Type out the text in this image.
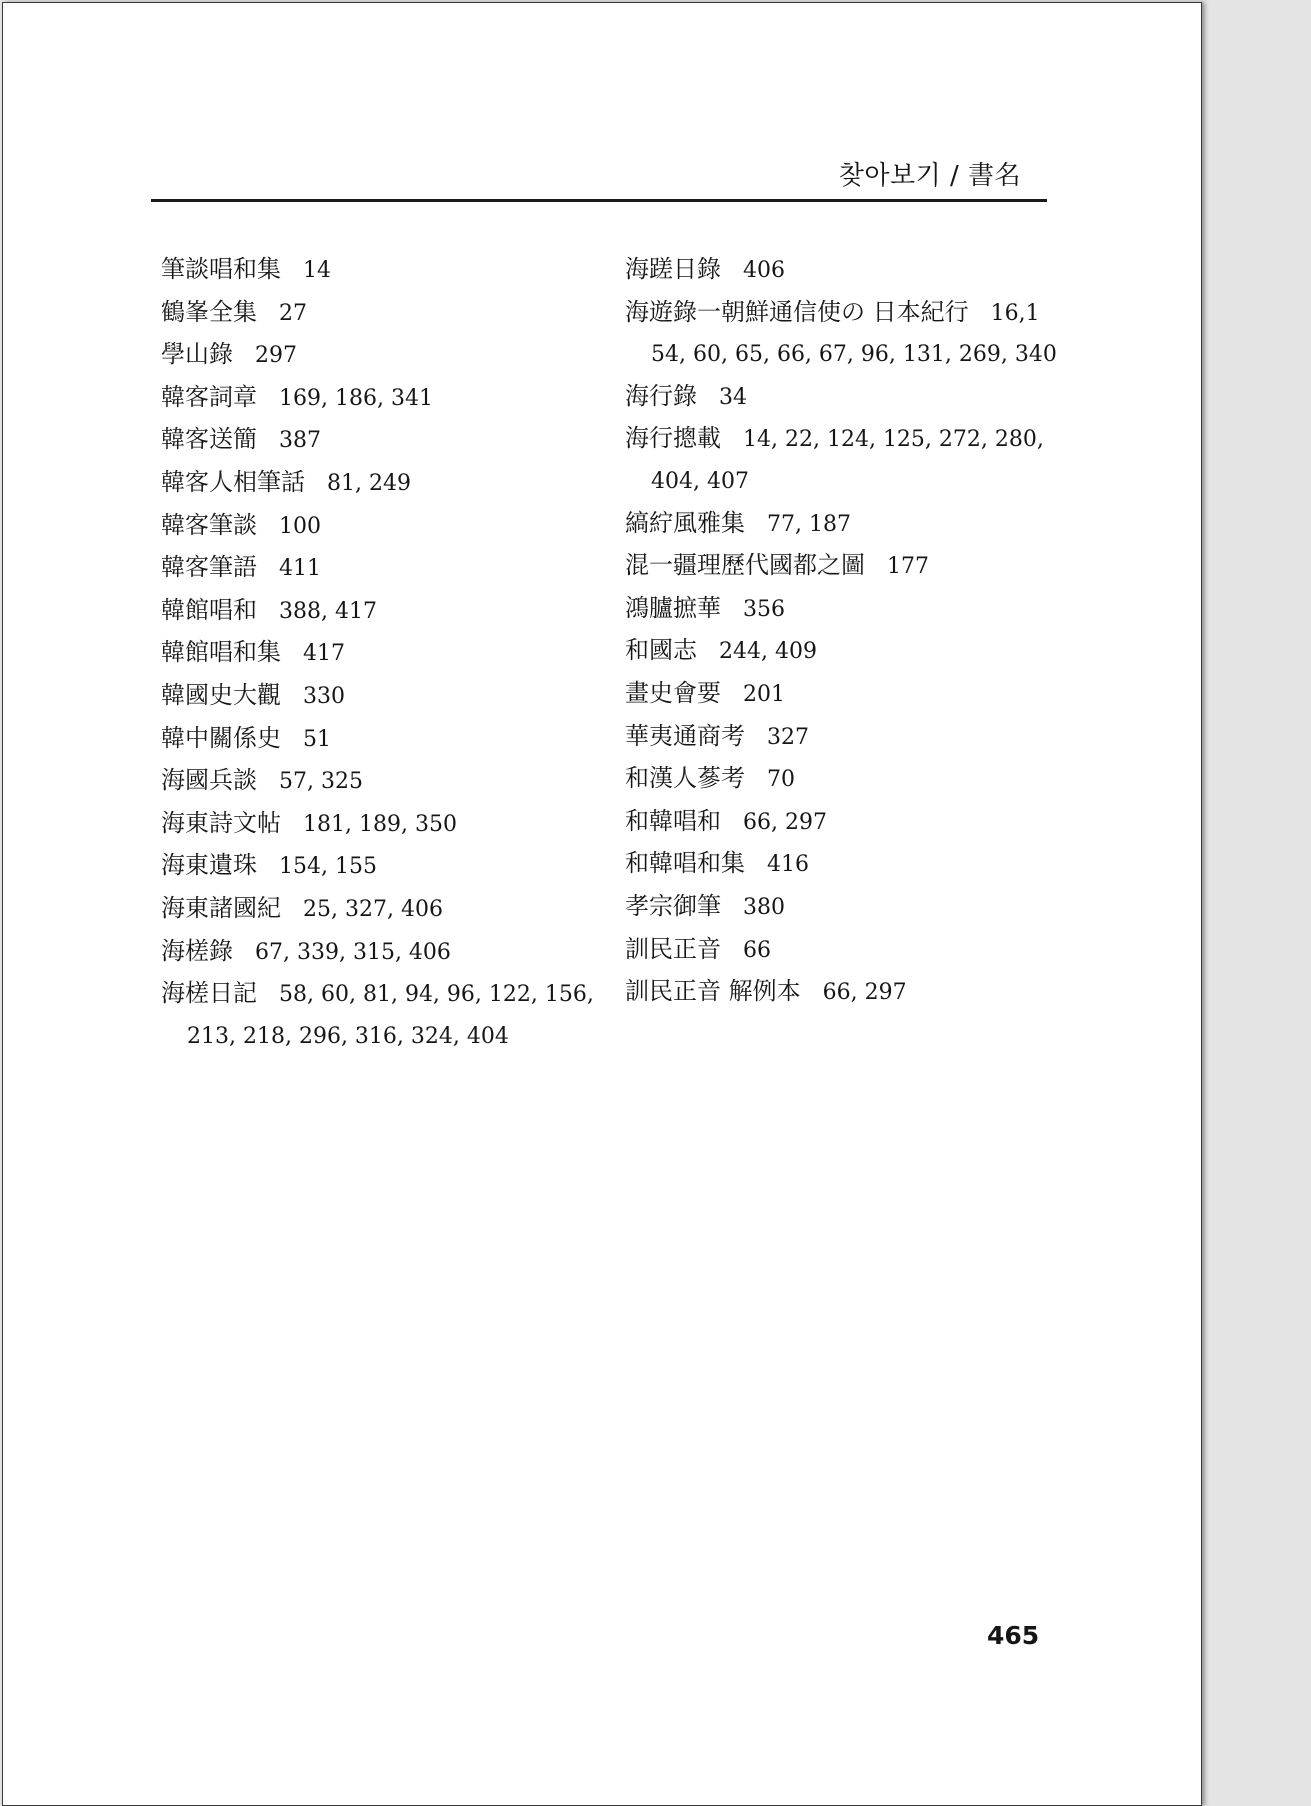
찾아보기 / 書名
筆談唱和集 14
鶴峯全集 27
學山錄 297
韓客詞章 169, 186, 341
韓客送簡 387
韓客人相筆話 81, 249
韓客筆談 100
韓客筆語 411
韓館唱和 388, 417
韓館唱和集 417
韓國史大觀 330
韓中關係史 51
海國兵談 57, 325
海東詩文帖 181, 189, 350
海東遺珠 154, 155
海東諸國紀 25, 327, 406
海槎錄 67, 339, 315, 406
海槎日記 58, 60, 81, 94, 96, 122, 156,
213, 218, 296, 316, 324, 404
海蹉日錄 406
海遊錄一朝鮮通信使の 日本紀行 16,1
54, 60, 65, 66, 67, 96, 131, 269, 340
海行錄 34
海行摠載 14, 22, 124, 125, 272, 280,
404, 407
縞紵風雅集 77, 187
混一疆理歷代國都之圖 177
鴻臚摭華 356
和國志 244, 409
畫史會要 201
華夷通商考 327
和漢人蔘考 70
和韓唱和 66, 297
和韓唱和集 416
孝宗御筆 380
訓民正音 66
訓民正音 解例本 66, 297
465
